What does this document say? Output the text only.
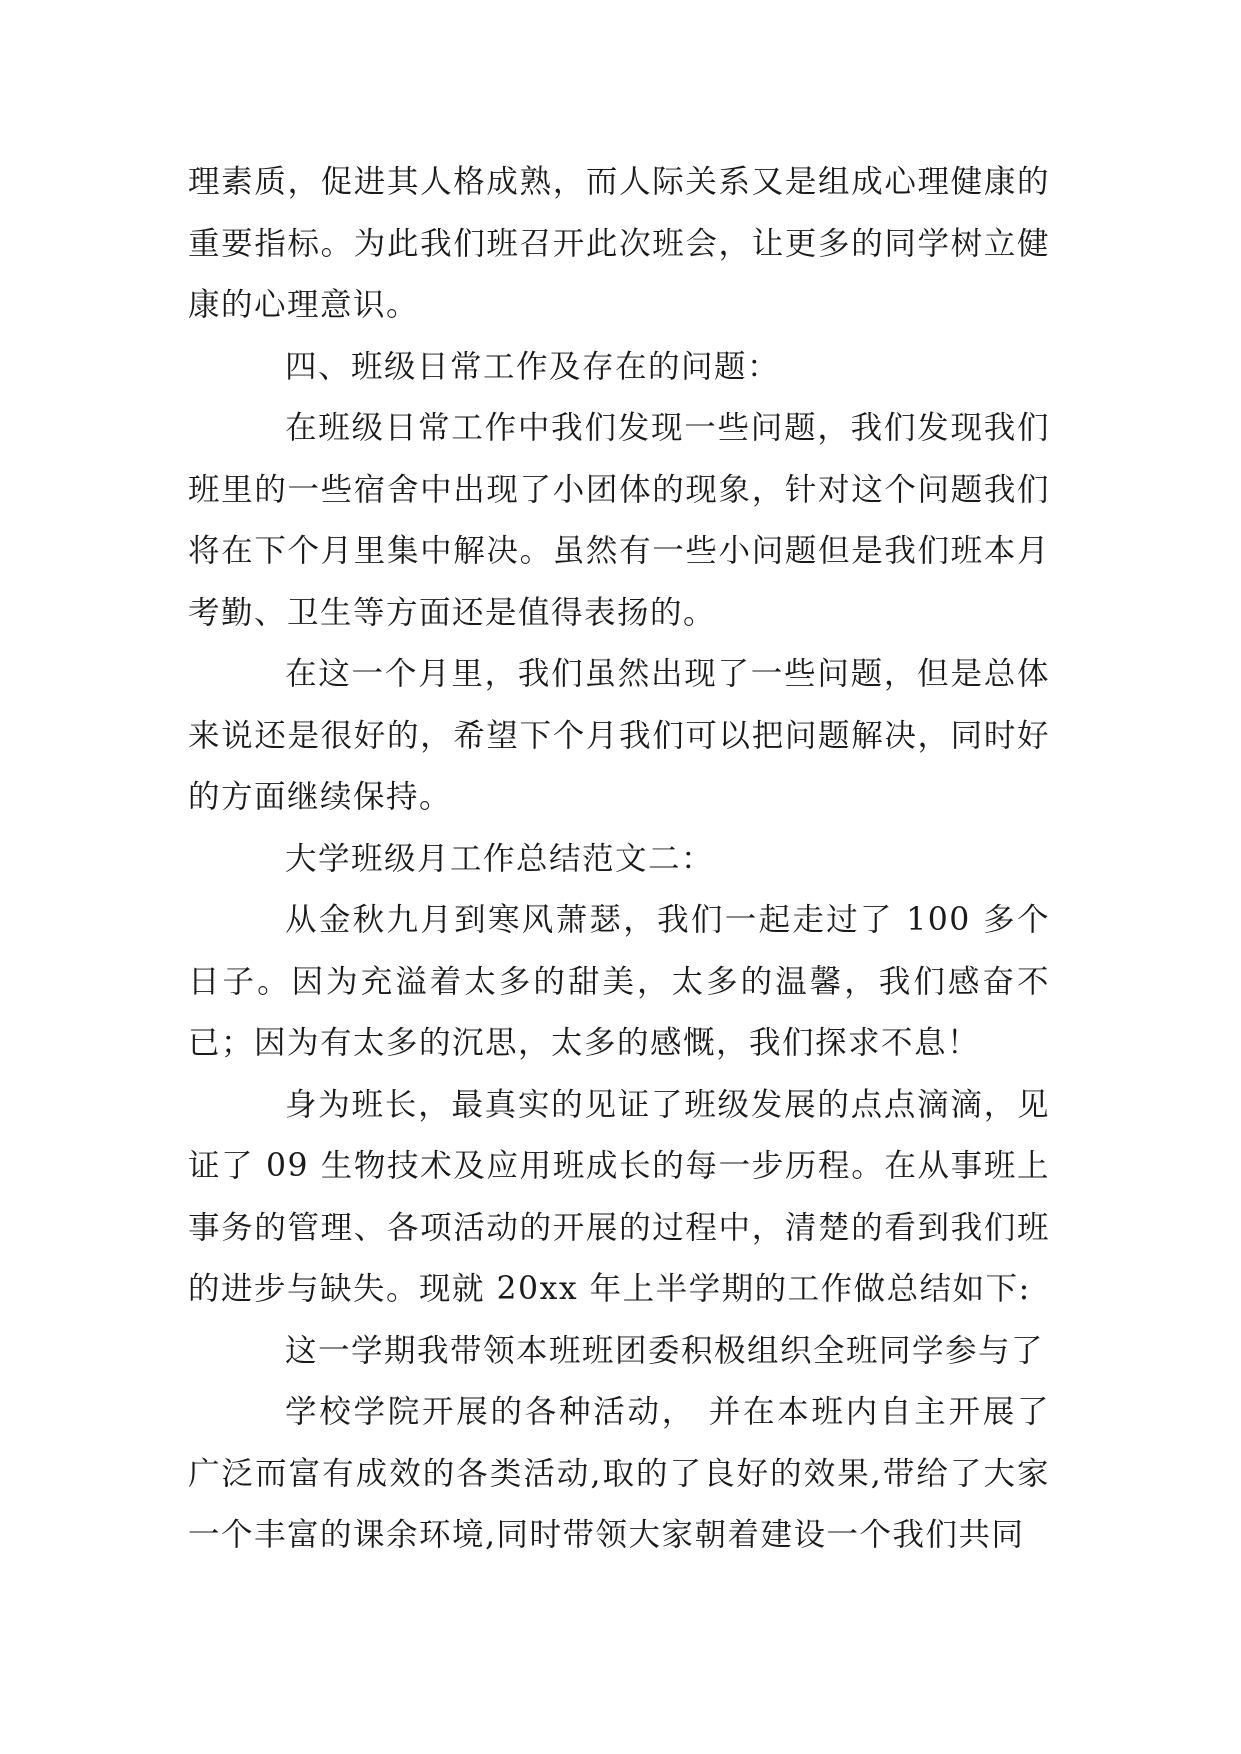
理素质，促进其人格成熟，而人际关系又是组成心理健康的重要指标。为此我们班召开此次班会，让更多的同学树立健康的心理意识。

四、班级日常工作及存在的问题：

在班级日常工作中我们发现一些问题，我们发现我们班里的一些宿舍中出现了小团体的现象，针对这个问题我们将在下个月里集中解决。虽然有一些小问题但是我们班本月考勤、卫生等方面还是值得表扬的。

在这一个月里，我们虽然出现了一些问题，但是总体来说还是很好的，希望下个月我们可以把问题解决，同时好的方面继续保持。

大学班级月工作总结范文二：

从金秋九月到寒风萧瑟，我们一起走过了 100 多个日子。因为充溢着太多的甜美，太多的温馨，我们感奋不已；因为有太多的沉思，太多的感慨，我们探求不息！

身为班长，最真实的见证了班级发展的点点滴滴，见证了 09 生物技术及应用班成长的每一步历程。在从事班上事务的管理、各项活动的开展的过程中，清楚的看到我们班的进步与缺失。现就 20xx 年上半学期的工作做总结如下:

这一学期我带领本班班团委积极组织全班同学参与了

学校学院开展的各种活动， 并在本班内自主开展了广泛而富有成效的各类活动,取的了良好的效果,带给了大家一个丰富的课余环境,同时带领大家朝着建设一个我们共同
